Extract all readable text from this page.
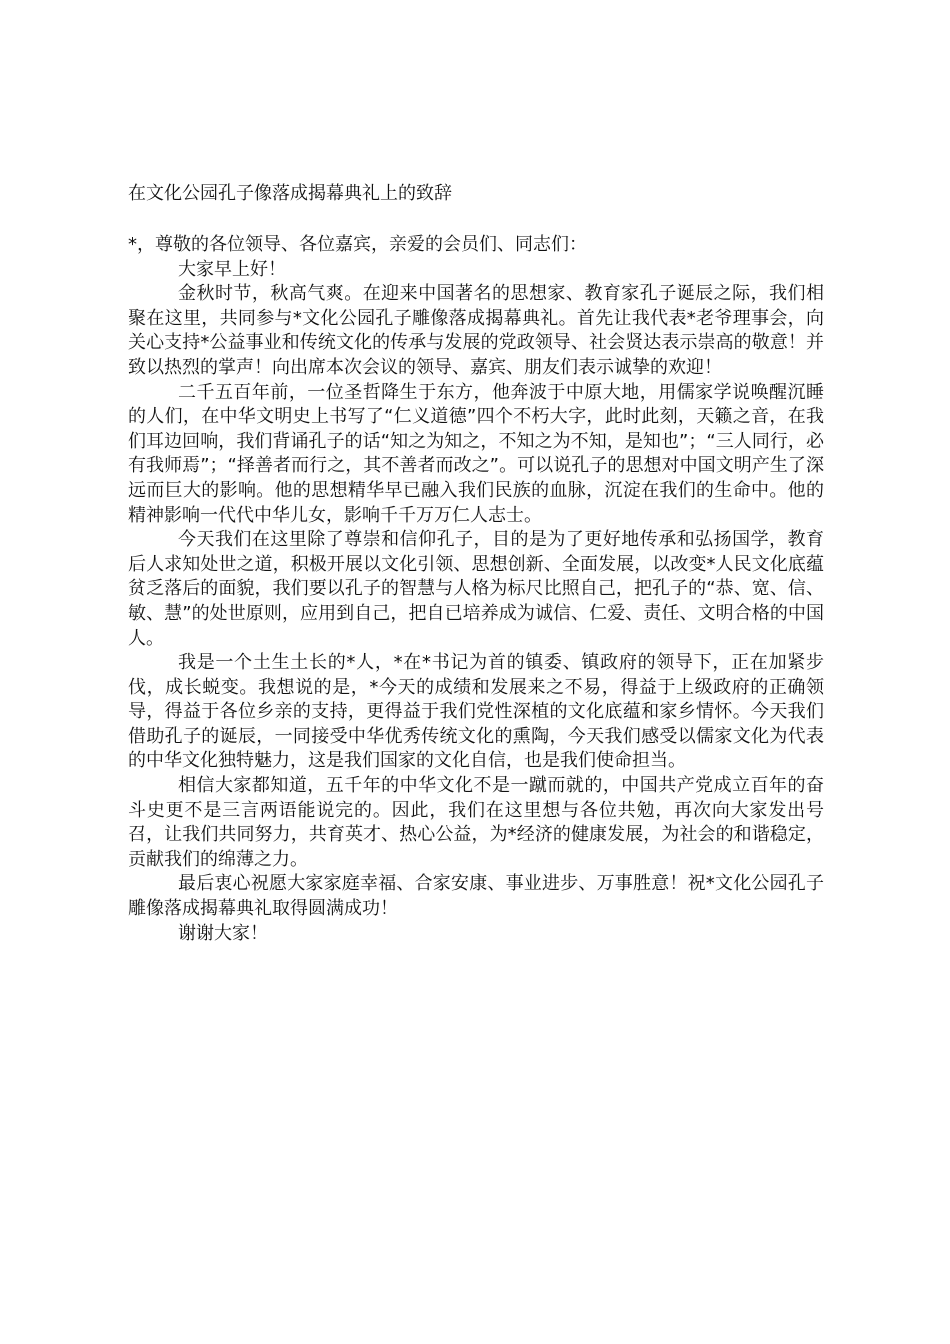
在文化公园孔子像落成揭幕典礼上的致辞

*，尊敬的各位领导、各位嘉宾，亲爱的会员们、同志们：

大家早上好！

金秋时节，秋高气爽。在迎来中国著名的思想家、教育家孔子诞辰之际，我们相聚在这里，共同参与*文化公园孔子雕像落成揭幕典礼。首先让我代表*老爷理事会，向关心支持*公益事业和传统文化的传承与发展的党政领导、社会贤达表示崇高的敬意！并致以热烈的掌声！向出席本次会议的领导、嘉宾、朋友们表示诚挚的欢迎！

二千五百年前，一位圣哲降生于东方，他奔波于中原大地，用儒家学说唤醒沉睡的人们，在中华文明史上书写了“仁义道德”四个不朽大字，此时此刻，天籁之音，在我们耳边回响，我们背诵孔子的话“知之为知之，不知之为不知，是知也”；“三人同行，必有我师焉”；“择善者而行之，其不善者而改之”。可以说孔子的思想对中国文明产生了深远而巨大的影响。他的思想精华早已融入我们民族的血脉，沉淀在我们的生命中。他的精神影响一代代中华儿女，影响千千万万仁人志士。

今天我们在这里除了尊崇和信仰孔子，目的是为了更好地传承和弘扬国学，教育后人求知处世之道，积极开展以文化引领、思想创新、全面发展，以改变*人民文化底蕴贫乏落后的面貌，我们要以孔子的智慧与人格为标尺比照自己，把孔子的“恭、宽、信、敏、慧”的处世原则，应用到自己，把自已培养成为诚信、仁爱、责任、文明合格的中国人。

我是一个土生土长的*人，*在*书记为首的镇委、镇政府的领导下，正在加紧步伐，成长蜕变。我想说的是，*今天的成绩和发展来之不易，得益于上级政府的正确领导，得益于各位乡亲的支持，更得益于我们党性深植的文化底蕴和家乡情怀。今天我们借助孔子的诞辰，一同接受中华优秀传统文化的熏陶，今天我们感受以儒家文化为代表的中华文化独特魅力，这是我们国家的文化自信，也是我们使命担当。

相信大家都知道，五千年的中华文化不是一蹴而就的，中国共产党成立百年的奋斗史更不是三言两语能说完的。因此，我们在这里想与各位共勉，再次向大家发出号召，让我们共同努力，共育英才、热心公益，为*经济的健康发展，为社会的和谐稳定，贡献我们的绵薄之力。

最后衷心祝愿大家家庭幸福、合家安康、事业进步、万事胜意！祝*文化公园孔子雕像落成揭幕典礼取得圆满成功！

谢谢大家！
